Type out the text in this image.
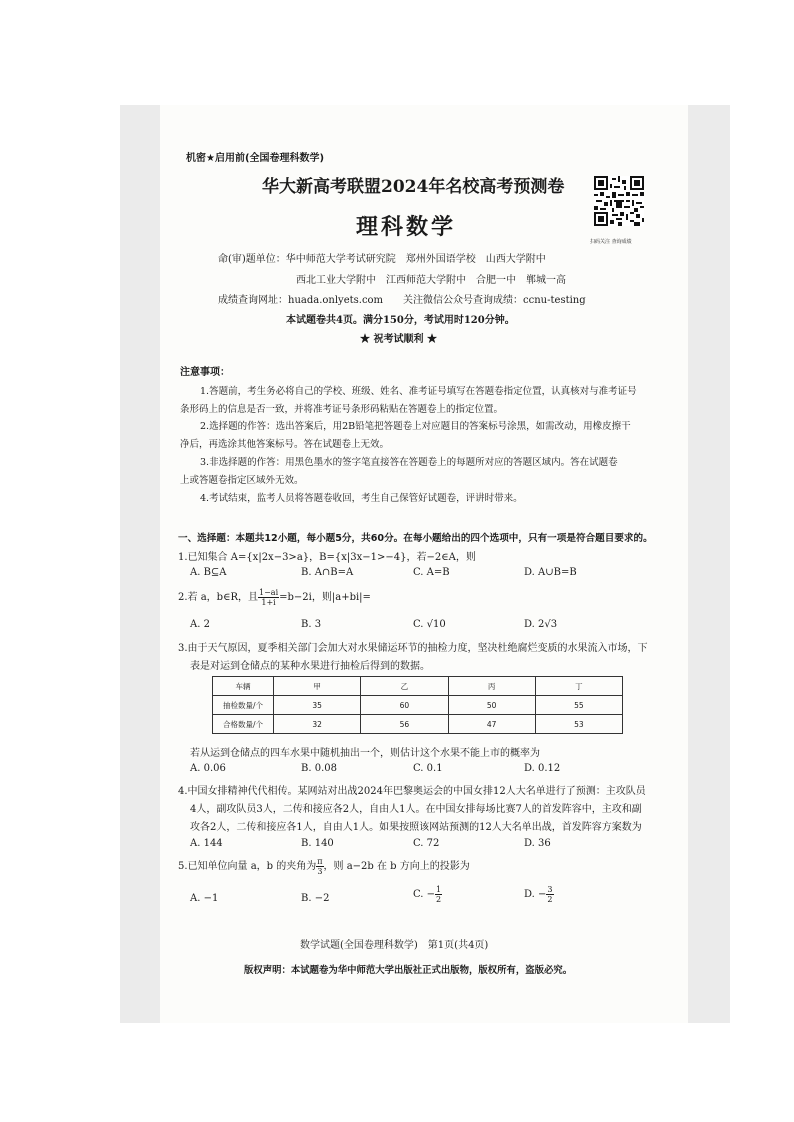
机密★启用前(全国卷理科数学)
华大新高考联盟2024年名校高考预测卷
理科数学
扫码关注 查询成绩
命(审)题单位：华中师范大学考试研究院　郑州外国语学校　山西大学附中
西北工业大学附中　江西师范大学附中　合肥一中　郸城一高
成绩查询网址：huada.onlyets.com　　关注微信公众号查询成绩：ccnu-testing
本试题卷共4页。满分150分，考试用时120分钟。
★ 祝考试顺利 ★
注意事项：
1.答题前，考生务必将自己的学校、班级、姓名、准考证号填写在答题卷指定位置，认真核对与准考证号
条形码上的信息是否一致，并将准考证号条形码粘贴在答题卷上的指定位置。
2.选择题的作答：选出答案后，用2B铅笔把答题卷上对应题目的答案标号涂黑，如需改动，用橡皮擦干
净后，再选涂其他答案标号。答在试题卷上无效。
3.非选择题的作答：用黑色墨水的签字笔直接答在答题卷上的每题所对应的答题区域内。答在试题卷
上或答题卷指定区域外无效。
4.考试结束，监考人员将答题卷收回，考生自己保管好试题卷，评讲时带来。
一、选择题：本题共12小题，每小题5分，共60分。在每小题给出的四个选项中，只有一项是符合题目要求的。
1.已知集合 A={x|2x−3>a}，B={x|3x−1>−4}，若−2∈A，则
A. B⊆A	B. A∩B=A	C. A=B	D. A∪B=B
2.若 a，b∈R，且 $\frac{1-ai}{1+i} =b-2i$，则|a+bi|=
A. 2	B. 3	C. √10	D. 2√3
3.由于天气原因，夏季相关部门会加大对水果储运环节的抽检力度，坚决杜绝腐烂变质的水果流入市场，下
表是对运到仓储点的某种水果进行抽检后得到的数据。
车辆	甲	乙	丙	丁
抽检数量/个	35	60	50	55
合格数量/个	32	56	47	53
若从运到仓储点的四车水果中随机抽出一个，则估计这个水果不能上市的概率为
A. 0.06	B. 0.08	C. 0.1	D. 0.12
4.中国女排精神代代相传。某网站对出战2024年巴黎奥运会的中国女排12人大名单进行了预测：主攻队员
4人，副攻队员3人，二传和接应各2人，自由人1人。在中国女排每场比赛7人的首发阵容中，主攻和副
攻各2人，二传和接应各1人，自由人1人。如果按照该网站预测的12人大名单出战，首发阵容方案数为
A. 144	B. 140	C. 72	D. 36
5.已知单位向量 a，b 的夹角为 $\frac{\pi}{3}$ ，则 a−2b 在 b 方向上的投影为
A. −1	B. −2	C. − $\frac{1}{2}$	D. − $\frac{3}{2}$
数学试题(全国卷理科数学)　第1页(共4页)
版权声明：本试题卷为华中师范大学出版社正式出版物，版权所有，盗版必究。
